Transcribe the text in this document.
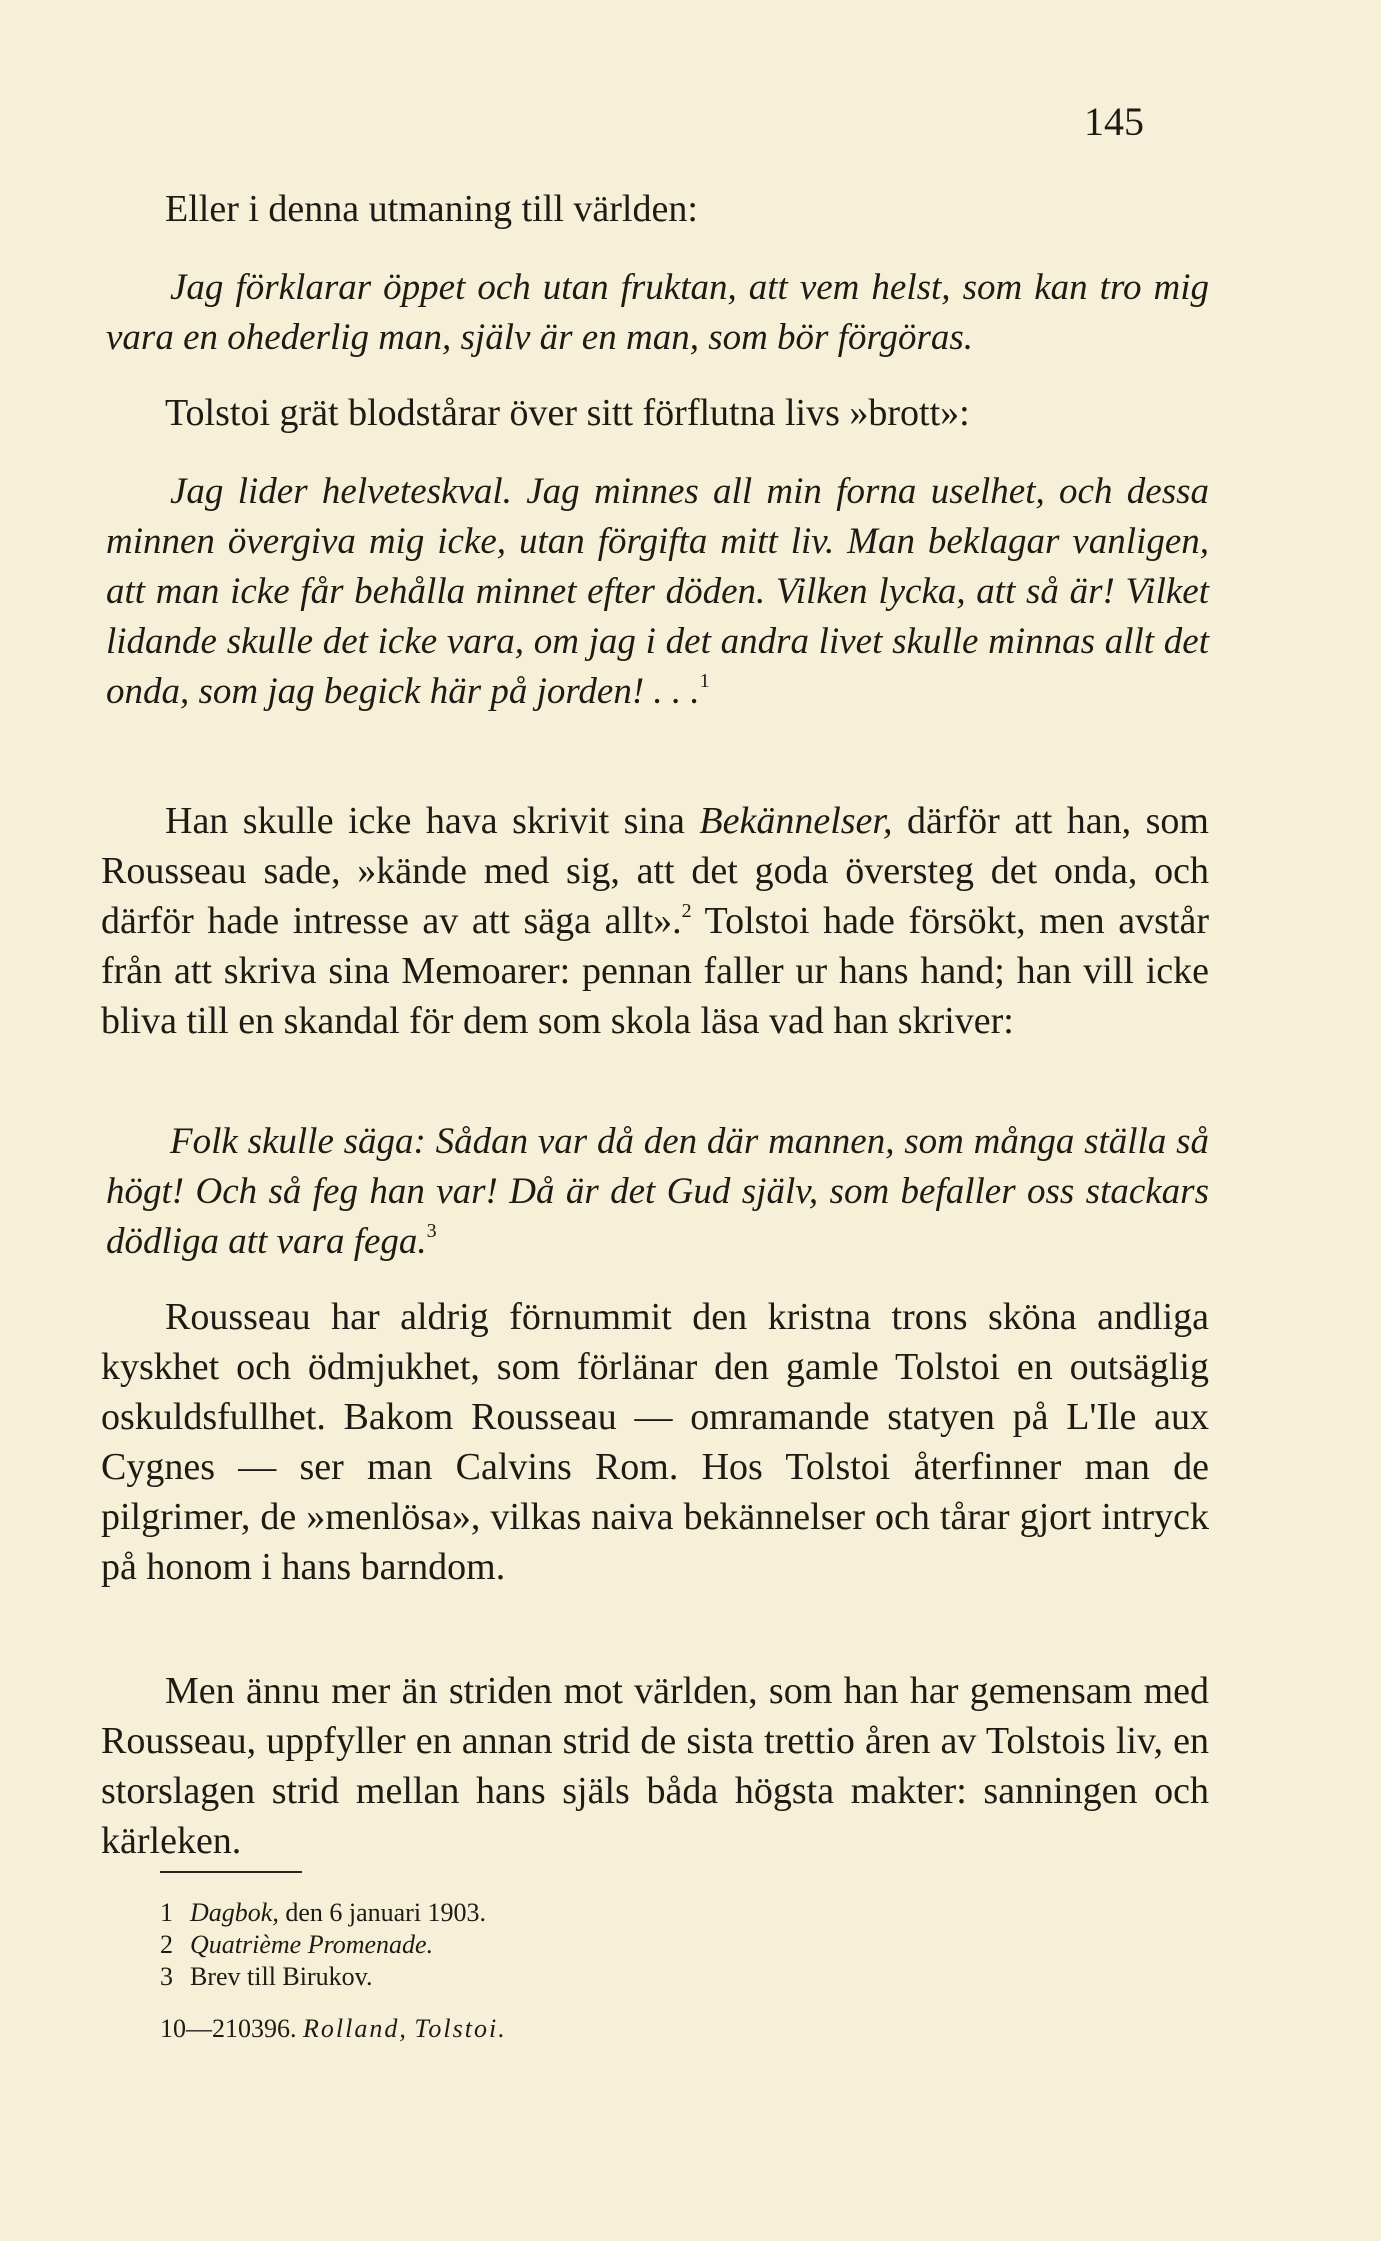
145

Eller i denna utmaning till världen:

Jag förklarar öppet och utan fruktan, att vem helst, som kan tro mig vara en ohederlig man, själv är en man, som bör förgöras.

Tolstoi grät blodstårar över sitt förflutna livs »brott»:

Jag lider helveteskval. Jag minnes all min forna uselhet, och dessa minnen övergiva mig icke, utan förgifta mitt liv. Man beklagar vanligen, att man icke får behålla minnet efter döden. Vilken lycka, att så är! Vilket lidande skulle det icke vara, om jag i det andra livet skulle minnas allt det onda, som jag begick här på jorden! . . .$^1$

Han skulle icke hava skrivit sina Bekännelser, därför att han, som Rousseau sade, »kände med sig, att det goda översteg det onda, och därför hade intresse av att säga allt».$^2$ Tolstoi hade försökt, men avstår från att skriva sina Memoarer: pennan faller ur hans hand; han vill icke bliva till en skandal för dem som skola läsa vad han skriver:

Folk skulle säga: Sådan var då den där mannen, som många ställa så högt! Och så feg han var! Då är det Gud själv, som befaller oss stackars dödliga att vara fega.$^3$

Rousseau har aldrig förnummit den kristna trons sköna andliga kyskhet och ödmjukhet, som förlänar den gamle Tolstoi en outsäglig oskuldsfullhet. Bakom Rousseau — omramande statyen på L'Ile aux Cygnes — ser man Calvins Rom. Hos Tolstoi återfinner man de pilgrimer, de »menlösa», vilkas naiva bekännelser och tårar gjort intryck på honom i hans barndom.

Men ännu mer än striden mot världen, som han har gemensam med Rousseau, uppfyller en annan strid de sista trettio åren av Tolstois liv, en storslagen strid mellan hans själs båda högsta makter: sanningen och kärleken.

1 Dagbok, den 6 januari 1903.
2 Quatrième Promenade.
3 Brev till Birukov.
10—210396. Rolland, Tolstoi.
